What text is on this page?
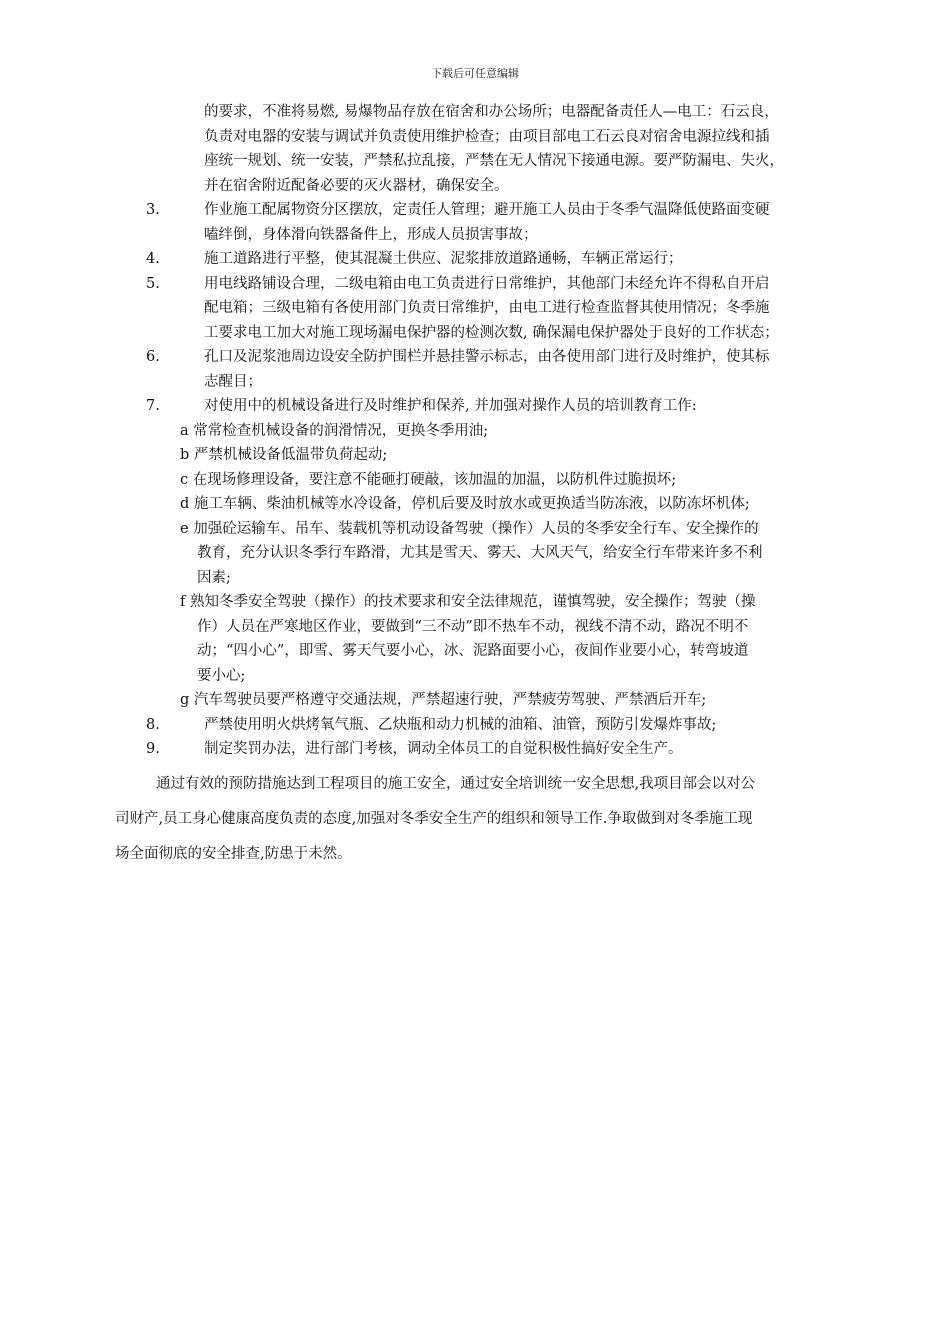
下载后可任意编辑
的要求，不准将易燃, 易爆物品存放在宿舍和办公场所；电器配备责任人—电工：石云良，
负责对电器的安装与调试并负责使用维护检查；由项目部电工石云良对宿舍电源拉线和插
座统一规划、统一安装，严禁私拉乱接，严禁在无人情况下接通电源。要严防漏电、失火，
并在宿舍附近配备必要的灭火器材，确保安全。
3.	作业施工配属物资分区摆放，定责任人管理；避开施工人员由于冬季气温降低使路面变硬
嗑绊倒，身体滑向铁器备件上，形成人员损害事故；
4.	施工道路进行平整，使其混凝土供应、泥浆排放道路通畅，车辆正常运行；
5.	用电线路铺设合理，二级电箱由电工负责进行日常维护，其他部门未经允许不得私自开启
配电箱；三级电箱有各使用部门负责日常维护，由电工进行检查监督其使用情况；冬季施
工要求电工加大对施工现场漏电保护器的检测次数, 确保漏电保护器处于良好的工作状态；
6.	孔口及泥浆池周边设安全防护围栏并悬挂警示标志，由各使用部门进行及时维护，使其标
志醒目；
7.	对使用中的机械设备进行及时维护和保养, 并加强对操作人员的培训教育工作:
a 常常检查机械设备的润滑情况，更换冬季用油;
b 严禁机械设备低温带负荷起动;
c 在现场修理设备，要注意不能砸打硬敲，该加温的加温，以防机件过脆损坏;
d 施工车辆、柴油机械等水冷设备，停机后要及时放水或更换适当防冻液，以防冻坏机体;
e 加强砼运输车、吊车、装载机等机动设备驾驶（操作）人员的冬季安全行车、安全操作的
教育，充分认识冬季行车路滑，尤其是雪天、雾天、大风天气，给安全行车带来许多不利
因素;
f 熟知冬季安全驾驶（操作）的技术要求和安全法律规范，谨慎驾驶，安全操作；驾驶（操
作）人员在严寒地区作业，要做到“三不动”即不热车不动，视线不清不动，路况不明不
动；“四小心”，即雪、雾天气要小心，冰、泥路面要小心，夜间作业要小心，转弯坡道
要小心;
g 汽车驾驶员要严格遵守交通法规，严禁超速行驶，严禁疲劳驾驶、严禁酒后开车;
8.	严禁使用明火烘烤氧气瓶、乙炔瓶和动力机械的油箱、油管，预防引发爆炸事故;
9.	制定奖罚办法，进行部门考核，调动全体员工的自觉积极性搞好安全生产。
通过有效的预防措施达到工程项目的施工安全，通过安全培训统一安全思想,我项目部会以对公
司财产,员工身心健康高度负责的态度,加强对冬季安全生产的组织和领导工作.争取做到对冬季施工现
场全面彻底的安全排查,防患于未然。
